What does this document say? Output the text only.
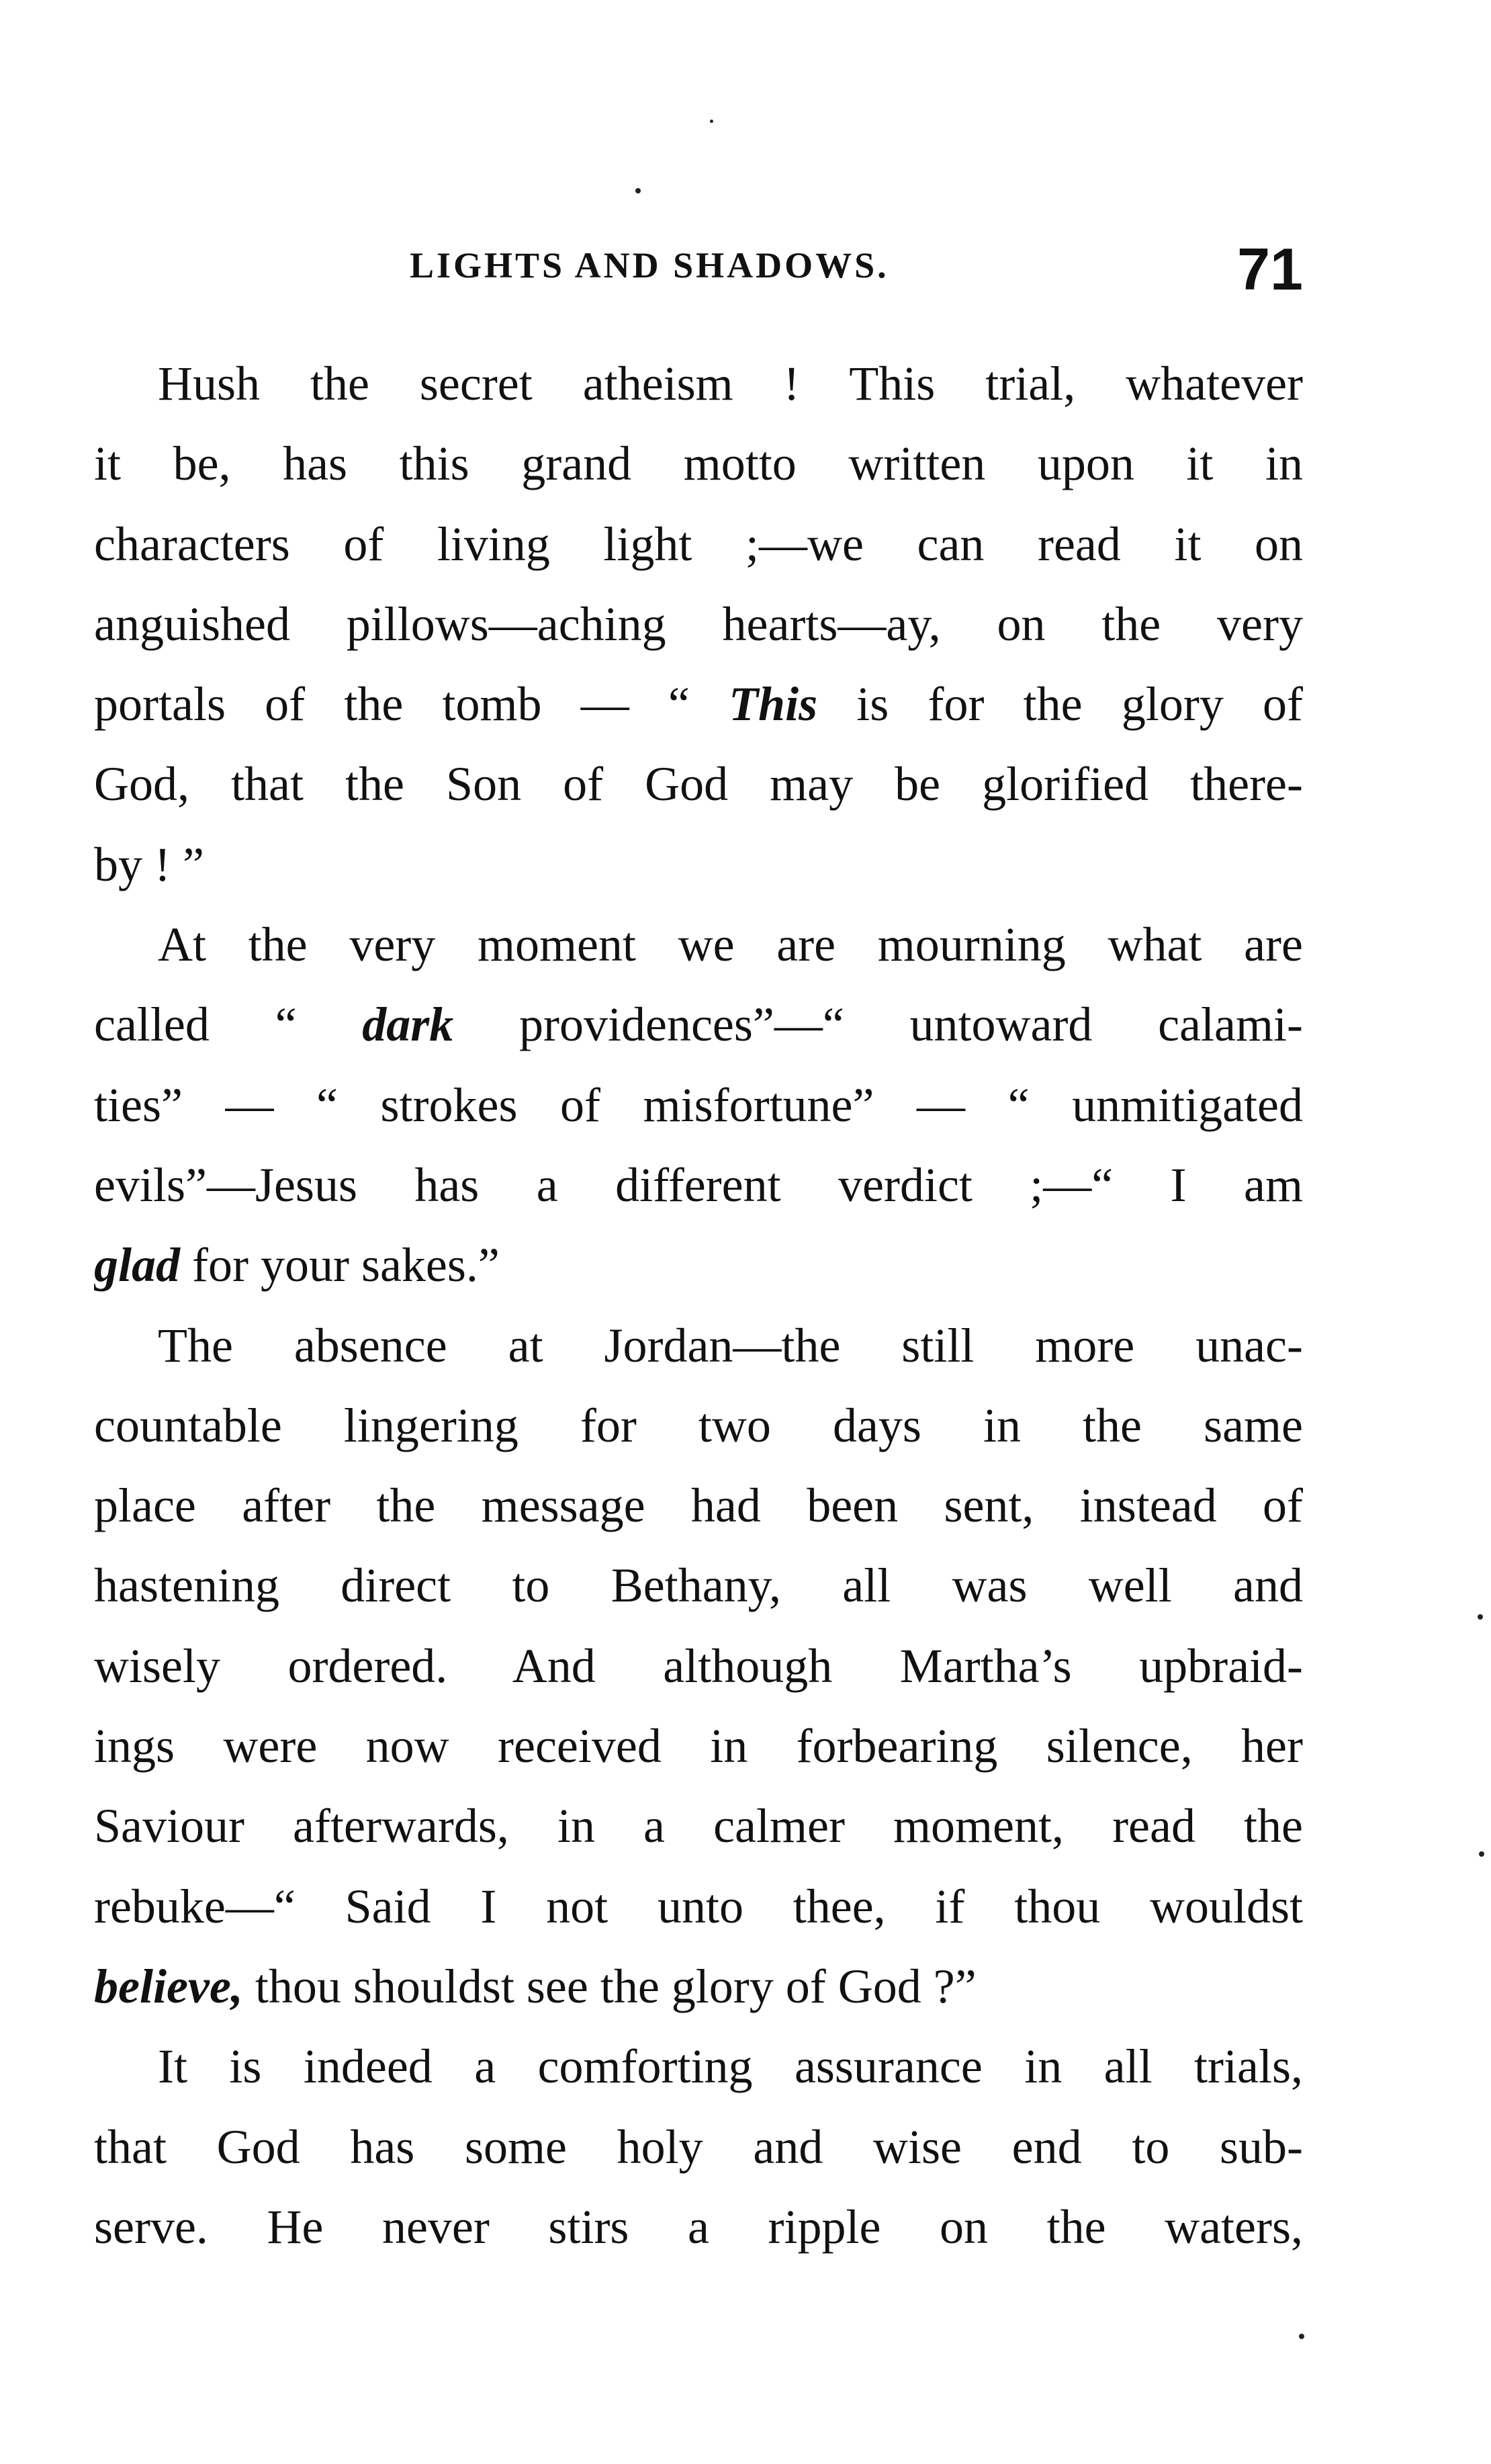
LIGHTS AND SHADOWS.	71
Hush the secret atheism ! This trial, whatever
it be, has this grand motto written upon it in
characters of living light ;—we can read it on
anguished pillows—aching hearts—ay, on the very
portals of the tomb — “ This is for the glory of
God, that the Son of God may be glorified there-
by ! ”
At the very moment we are mourning what are
called “ dark providences”—“ untoward calami-
ties” — “ strokes of misfortune” — “ unmitigated
evils”—Jesus has a different verdict ;—“ I am
glad for your sakes.”
The absence at Jordan—the still more unac-
countable lingering for two days in the same
place after the message had been sent, instead of
hastening direct to Bethany, all was well and
wisely ordered. And although Martha’s upbraid-
ings were now received in forbearing silence, her
Saviour afterwards, in a calmer moment, read the
rebuke—“ Said I not unto thee, if thou wouldst
believe, thou shouldst see the glory of God ?”
It is indeed a comforting assurance in all trials,
that God has some holy and wise end to sub-
serve. He never stirs a ripple on the waters,
